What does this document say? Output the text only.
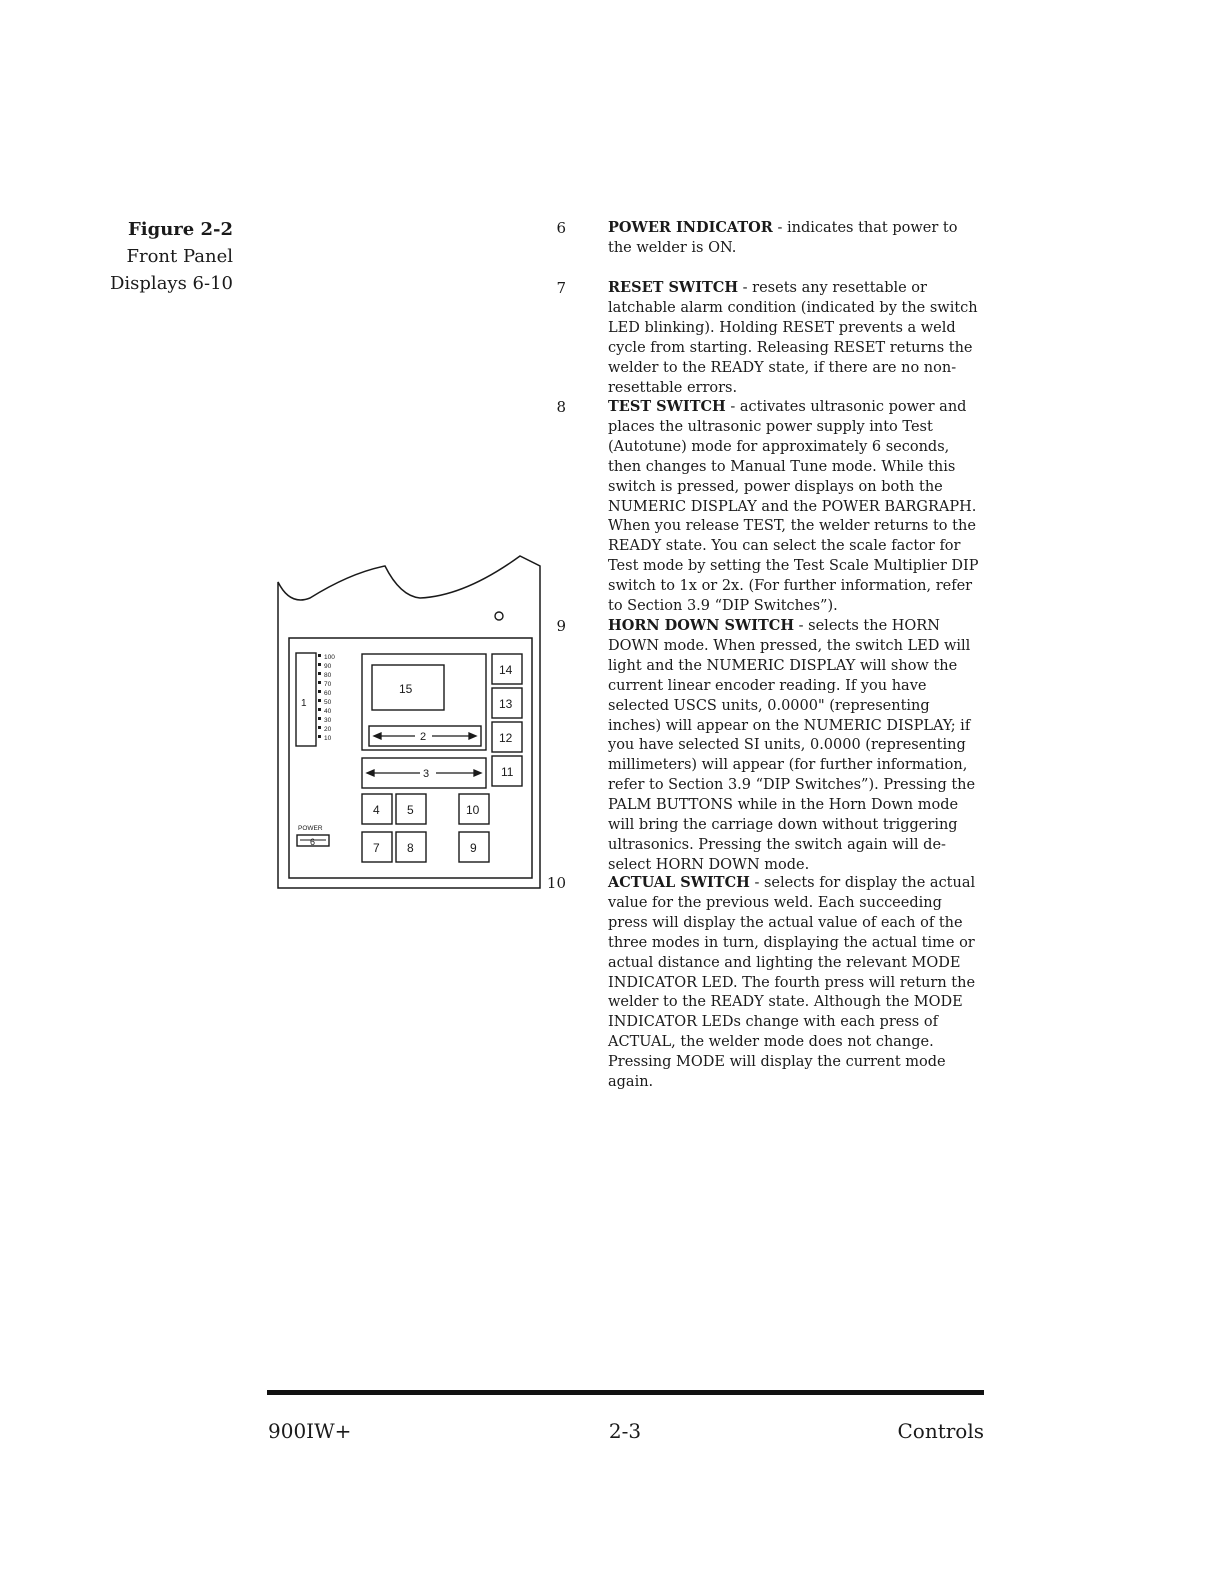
Figure 2-2
Front Panel
Displays 6-10
6	POWER INDICATOR - indicates that power to the welder is ON.
7	RESET SWITCH - resets any resettable or latchable alarm condition (indicated by the switch LED blinking). Holding RESET prevents a weld cycle from starting. Releasing RESET returns the welder to the READY state, if there are no non-resettable errors.
8	TEST SWITCH - activates ultrasonic power and places the ultrasonic power supply into Test (Autotune) mode for approximately 6 seconds, then changes to Manual Tune mode. While this switch is pressed, power displays on both the NUMERIC DISPLAY and the POWER BARGRAPH. When you release TEST, the welder returns to the READY state. You can select the scale factor for Test mode by setting the Test Scale Multiplier DIP switch to 1x or 2x. (For further information, refer to Section 3.9 “DIP Switches”).
9	HORN DOWN SWITCH - selects the HORN DOWN mode. When pressed, the switch LED will light and the NUMERIC DISPLAY will show the current linear encoder reading. If you have selected USCS units, 0.0000" (representing inches) will appear on the NUMERIC DISPLAY; if you have selected SI units, 0.0000 (representing millimeters) will appear (for further information, refer to Section 3.9 “DIP Switches”). Pressing the PALM BUTTONS while in the Horn Down mode will bring the carriage down without triggering ultrasonics. Pressing the switch again will de-select HORN DOWN mode.
10	ACTUAL SWITCH - selects for display the actual value for the previous weld. Each succeeding press will display the actual value of each of the three modes in turn, displaying the actual time or actual distance and lighting the relevant MODE INDICATOR LED. The fourth press will return the welder to the READY state. Although the MODE INDICATOR LEDs change with each press of ACTUAL, the welder mode does not change. Pressing MODE will display the current mode again.
1
100
90
80
70
60
50
40
30
20
10
15
2
3
14
13
12
11
4 5	10
7 8	9
POWER
6
900IW+	2-3	Controls
